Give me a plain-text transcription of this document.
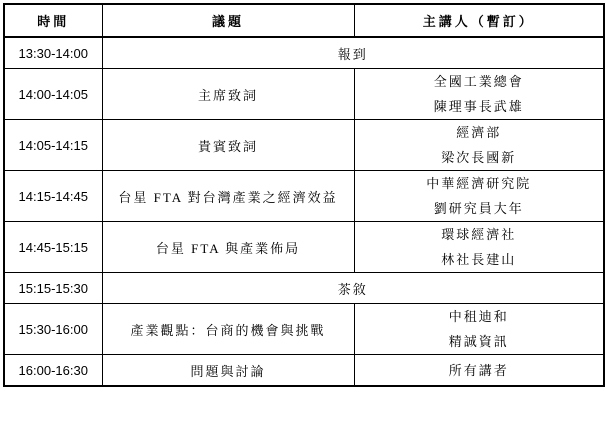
時間	議題	主講人（暫訂）
13:30-14:00	報到	
14:00-14:05	主席致詞	全國工業總會
陳理事長武雄

14:05-14:15	貴賓致詞	經濟部
梁次長國新

14:15-14:45	台星 FTA 對台灣產業之經濟效益	中華經濟研究院
劉研究員大年

14:45-15:15	台星 FTA 與產業佈局	環球經濟社
林社長建山

15:15-15:30	茶敘	
15:30-16:00	產業觀點：台商的機會與挑戰	中租迪和
精誠資訊

16:00-16:30	問題與討論	所有講者
